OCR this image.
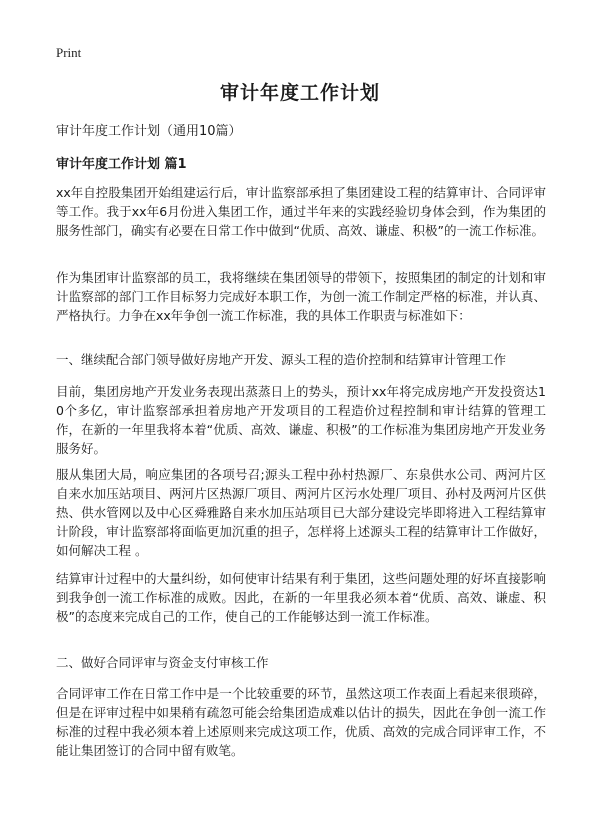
Print
审计年度工作计划
审计年度工作计划（通用10篇）
审计年度工作计划 篇1

xx年自控股集团开始组建运行后，审计监察部承担了集团建设工程的结算审计、合同评审等工作。我于xx年6月份进入集团工作，通过半年来的实践经验切身体会到，作为集团的服务性部门，确实有必要在日常工作中做到“优质、高效、谦虚、积极”的一流工作标准。

作为集团审计监察部的员工，我将继续在集团领导的带领下，按照集团的制定的计划和审计监察部的部门工作目标努力完成好本职工作，为创一流工作制定严格的标准，并认真、严格执行。力争在xx年争创一流工作标准，我的具体工作职责与标准如下：

一、继续配合部门领导做好房地产开发、源头工程的造价控制和结算审计管理工作

目前，集团房地产开发业务表现出蒸蒸日上的势头，预计xx年将完成房地产开发投资达10个多亿，审计监察部承担着房地产开发项目的工程造价过程控制和审计结算的管理工作，在新的一年里我将本着“优质、高效、谦虚、积极”的工作标准为集团房地产开发业务服务好。

服从集团大局，响应集团的各项号召;源头工程中孙村热源厂、东泉供水公司、两河片区自来水加压站项目、两河片区热源厂项目、两河片区污水处理厂项目、孙村及两河片区供热、供水管网以及中心区舜雅路自来水加压站项目已大部分建设完毕即将进入工程结算审计阶段，审计监察部将面临更加沉重的担子，怎样将上述源头工程的结算审计工作做好，如何解决工程 。

结算审计过程中的大量纠纷，如何使审计结果有利于集团，这些问题处理的好坏直接影响到我争创一流工作标准的成败。因此，在新的一年里我必须本着“优质、高效、谦虚、积极”的态度来完成自己的工作，使自己的工作能够达到一流工作标准。

二、做好合同评审与资金支付审核工作

合同评审工作在日常工作中是一个比较重要的环节，虽然这项工作表面上看起来很琐碎，但是在评审过程中如果稍有疏忽可能会给集团造成难以估计的损失，因此在争创一流工作标准的过程中我必须本着上述原则来完成这项工作，优质、高效的完成合同评审工作，不能让集团签订的合同中留有败笔。
